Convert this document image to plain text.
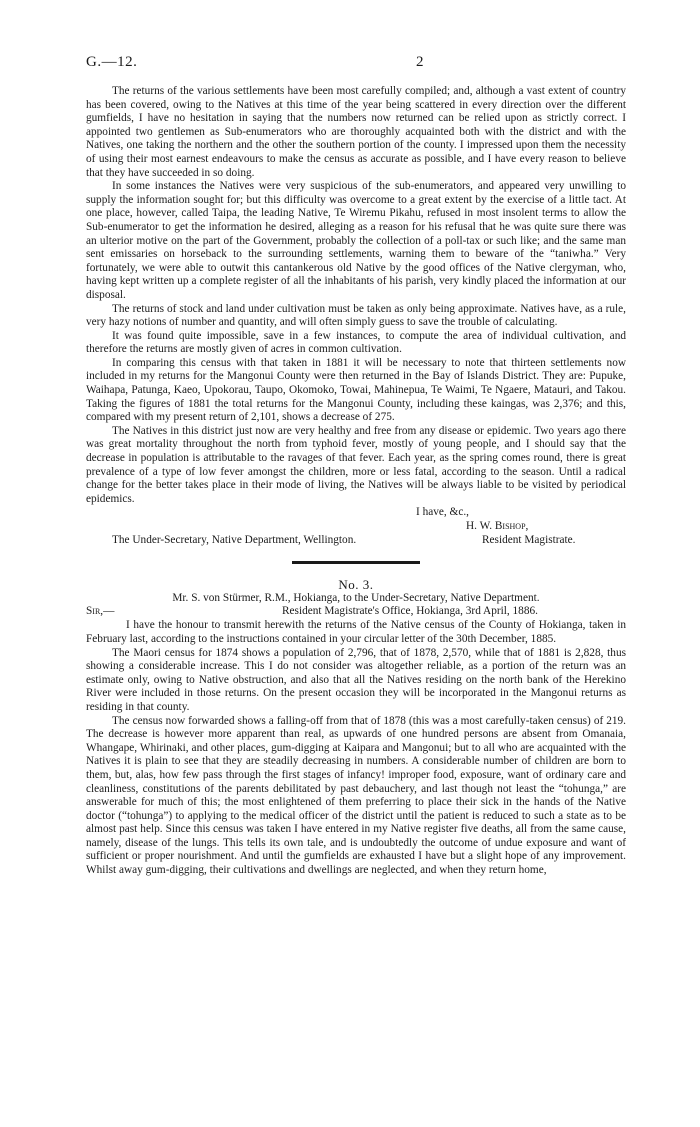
G.—12.	2

The returns of the various settlements have been most carefully compiled; and, although a vast extent of country has been covered, owing to the Natives at this time of the year being scattered in every direction over the different gumfields, I have no hesitation in saying that the numbers now returned can be relied upon as strictly correct. I appointed two gentlemen as Sub-enumerators who are thoroughly acquainted both with the district and with the Natives, one taking the northern and the other the southern portion of the county. I impressed upon them the necessity of using their most earnest endeavours to make the census as accurate as possible, and I have every reason to believe that they have succeeded in so doing.

In some instances the Natives were very suspicious of the sub-enumerators, and appeared very unwilling to supply the information sought for; but this difficulty was overcome to a great extent by the exercise of a little tact. At one place, however, called Taipa, the leading Native, Te Wiremu Pikahu, refused in most insolent terms to allow the Sub-enumerator to get the information he desired, alleging as a reason for his refusal that he was quite sure there was an ulterior motive on the part of the Government, probably the collection of a poll-tax or such like; and the same man sent emissaries on horseback to the surrounding settlements, warning them to beware of the “taniwha.” Very fortunately, we were able to outwit this cantankerous old Native by the good offices of the Native clergyman, who, having kept written up a complete register of all the inhabitants of his parish, very kindly placed the information at our disposal.

The returns of stock and land under cultivation must be taken as only being approximate. Natives have, as a rule, very hazy notions of number and quantity, and will often simply guess to save the trouble of calculating.

It was found quite impossible, save in a few instances, to compute the area of individual cultivation, and therefore the returns are mostly given of acres in common cultivation.

In comparing this census with that taken in 1881 it will be necessary to note that thirteen settlements now included in my returns for the Mangonui County were then returned in the Bay of Islands District. They are: Pupuke, Waihapa, Patunga, Kaeo, Upokorau, Taupo, Okomoko, Towai, Mahinepua, Te Waimi, Te Ngaere, Matauri, and Takou. Taking the figures of 1881 the total returns for the Mangonui County, including these kaingas, was 2,376; and this, compared with my present return of 2,101, shows a decrease of 275.

The Natives in this district just now are very healthy and free from any disease or epidemic. Two years ago there was great mortality throughout the north from typhoid fever, mostly of young people, and I should say that the decrease in population is attributable to the ravages of that fever. Each year, as the spring comes round, there is great prevalence of a type of low fever amongst the children, more or less fatal, according to the season. Until a radical change for the better takes place in their mode of living, the Natives will be always liable to be visited by periodical epidemics.

I have, &c.,
H. W. Bishop,
The Under-Secretary, Native Department, Wellington.	Resident Magistrate.

No. 3.

Mr. S. von Stürmer, R.M., Hokianga, to the Under-Secretary, Native Department.

Sir,—	Resident Magistrate's Office, Hokianga, 3rd April, 1886.

I have the honour to transmit herewith the returns of the Native census of the County of Hokianga, taken in February last, according to the instructions contained in your circular letter of the 30th December, 1885.

The Maori census for 1874 shows a population of 2,796, that of 1878, 2,570, while that of 1881 is 2,828, thus showing a considerable increase. This I do not consider was altogether reliable, as a portion of the return was an estimate only, owing to Native obstruction, and also that all the Natives residing on the north bank of the Herekino River were included in those returns. On the present occasion they will be incorporated in the Mangonui returns as residing in that county.

The census now forwarded shows a falling-off from that of 1878 (this was a most carefully-taken census) of 219. The decrease is however more apparent than real, as upwards of one hundred persons are absent from Omanaia, Whangape, Whirinaki, and other places, gum-digging at Kaipara and Mangonui; but to all who are acquainted with the Natives it is plain to see that they are steadily decreasing in numbers. A considerable number of children are born to them, but, alas, how few pass through the first stages of infancy! improper food, exposure, want of ordinary care and cleanliness, constitutions of the parents debilitated by past debauchery, and last though not least the “tohunga,” are answerable for much of this; the most enlightened of them preferring to place their sick in the hands of the Native doctor (“tohunga”) to applying to the medical officer of the district until the patient is reduced to such a state as to be almost past help. Since this census was taken I have entered in my Native register five deaths, all from the same cause, namely, disease of the lungs. This tells its own tale, and is undoubtedly the outcome of undue exposure and want of sufficient or proper nourishment. And until the gumfields are exhausted I have but a slight hope of any improvement. Whilst away gum-digging, their cultivations and dwellings are neglected, and when they return home,
